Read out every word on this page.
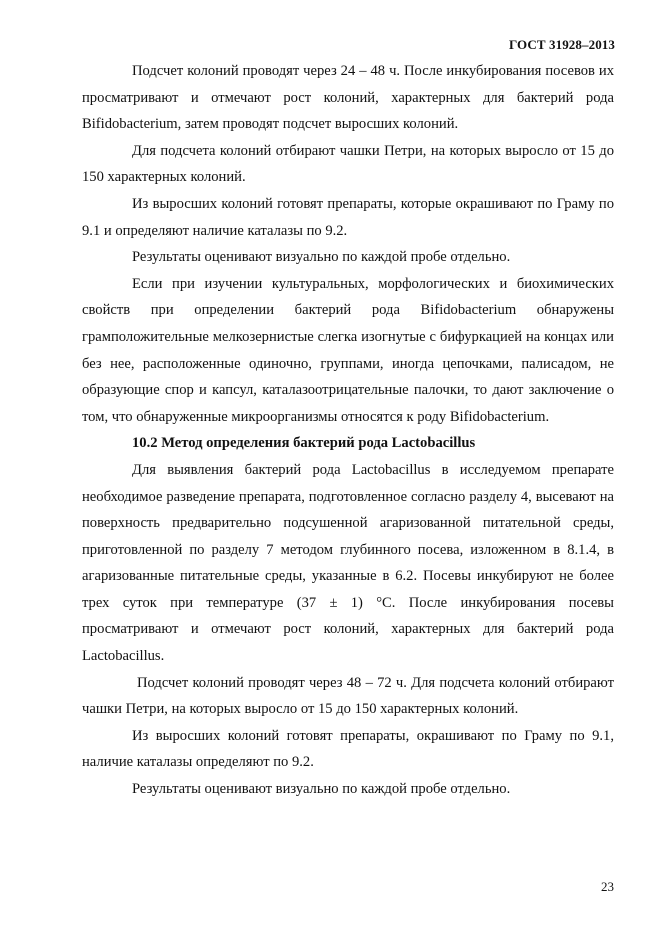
ГОСТ 31928–2013

Подсчет колоний проводят через 24 – 48 ч. После инкубирования посевов их просматривают и отмечают рост колоний, характерных для бактерий рода Bifidobacterium, затем проводят подсчет выросших колоний.

Для подсчета колоний отбирают чашки Петри, на которых выросло от 15 до 150 характерных колоний.

Из выросших колоний готовят препараты, которые окрашивают по Граму по 9.1 и определяют наличие каталазы по 9.2.

Результаты оценивают визуально по каждой пробе отдельно.

Если при изучении культуральных, морфологических и биохимических свойств при определении бактерий рода Bifidobacterium обнаружены грамположительные мелкозернистые слегка изогнутые с бифуркацией на концах или без нее, расположенные одиночно, группами, иногда цепочками, палисадом, не образующие спор и капсул, каталазоотрицательные палочки, то дают заключение о том, что обнаруженные микроорганизмы относятся к роду Bifidobacterium.

10.2 Метод определения бактерий рода Lactobacillus

Для выявления бактерий рода Lactobacillus в исследуемом препарате необходимое разведение препарата, подготовленное согласно разделу 4, высевают на поверхность предварительно подсушенной агаризованной питательной среды, приготовленной по разделу 7 методом глубинного посева, изложенном в 8.1.4, в агаризованные питательные среды, указанные в 6.2. Посевы инкубируют не более трех суток при температуре (37 ± 1) °С. После инкубирования посевы просматривают и отмечают рост колоний, характерных для бактерий рода Lactobacillus.

Подсчет колоний проводят через 48 – 72 ч. Для подсчета колоний отбирают чашки Петри, на которых выросло от 15 до 150 характерных колоний.

Из выросших колоний готовят препараты, окрашивают по Граму по 9.1, наличие каталазы определяют по 9.2.

Результаты оценивают визуально по каждой пробе отдельно.

23
